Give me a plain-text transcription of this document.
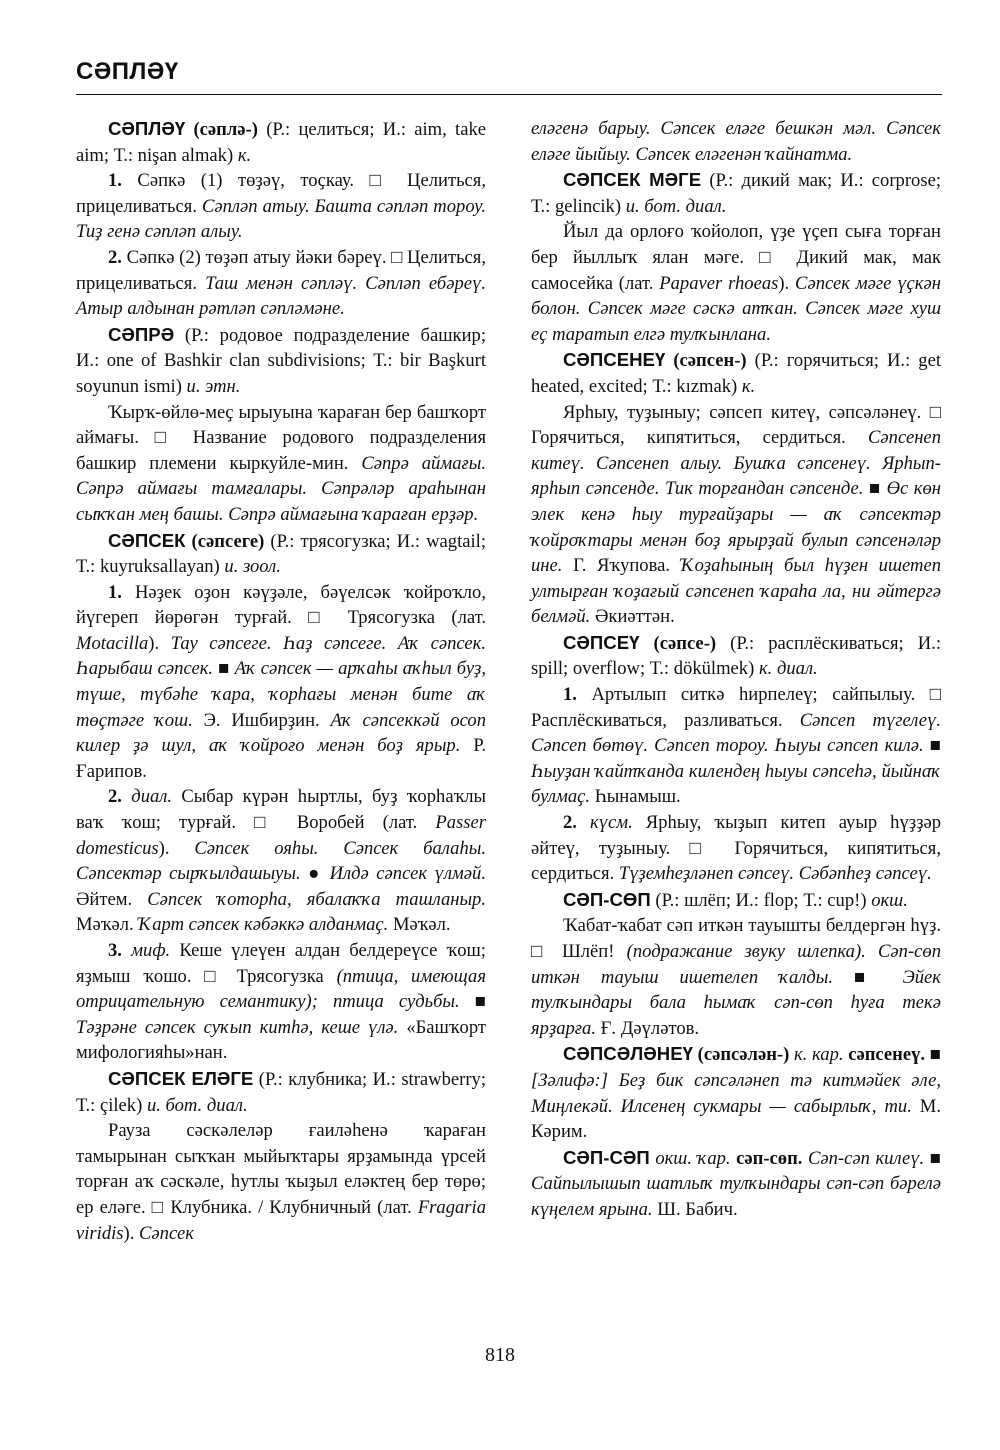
СӘПЛӘҮ

СӘПЛӘҮ (сәплә-) (Р.: целиться; И.: aim, take aim; Т.: nişan almak) к.

1. Сәпкә (1) төҙәү, тоҫкау. □ Целиться, прицеливаться. Сәпләп атыу. Башта сәпләп тороу. Тиҙ генә сәпләп алыу.

2. Сәпкә (2) төҙәп атыу йәки бәреү. □ Целиться, прицеливаться. Таш менән сәпләү. Сәпләп ебәреү. Атыр алдынан рәтләп сәпләмәне.

СӘПРӘ (Р.: родовое подразделение башкир; И.: one of Bashkir clan subdivisions; Т.: bir Başkurt soyunun ismi) и. этн.

Ҡырҡ-өйлө-меҫ ырыуына ҡараған бер башҡорт аймағы. □ Название родового подразделения башкир племени кыркуйле-мин. Сәпрә аймағы. Сәпрә аймағы тамғалары. Сәпрәләр араһынан сыҡҡан мең башы. Сәпрә аймағына ҡараған ерҙәр.

СӘПСЕК (сәпсеге) (Р.: трясогузка; И.: wagtail; Т.: kuyruksallayan) и. зоол.

1. Нәҙек оҙон кәүҙәле, бәүелсәк ҡойроҡло, йүгереп йөрөгән турғай. □ Трясогузка (лат. Motacilla). Тау сәпсеге. Һаҙ сәпсеге. Аҡ сәпсек. Һарыбаш сәпсек. ■ Аҡ сәпсек — арҡаһы аҡһыл буҙ, түше, түбәһе ҡара, ҡорһағы менән бите аҡ төҫтәге ҡош. Э. Ишбирҙин. Аҡ сәпсеккәй осоп килер ҙә шул, аҡ ҡойроғо менән боҙ ярыр. Р. Ғарипов.

2. диал. Сыбар күрән һыртлы, буҙ ҡорһаҡлы ваҡ ҡош; турғай. □ Воробей (лат. Passer domesticus). Сәпсек ояһы. Сәпсек балаһы. Сәпсектәр сырҡылдашыуы. ● Илдә сәпсек үлмәй. Әйтем. Сәпсек ҡоторһа, ябалаҡҡа ташланыр. Мәҡәл. Ҡарт сәпсек кәбәккә алданмаҫ. Мәҡәл.

3. миф. Кеше үлеүен алдан белдереүсе ҡош; яҙмыш ҡошо. □ Трясогузка (птица, имеющая отрицательную семантику); птица судьбы. ■ Тәҙрәне сәпсек суҡып китһә, кеше үлә. «Башҡорт мифологияһы»нан.

СӘПСЕК ЕЛӘГЕ (Р.: клубника; И.: strawberry; Т.: çilek) и. бот. диал.

Рауза сәскәлеләр ғаиләһенә ҡараған тамырынан сыҡҡан мыйыҡтары ярҙамында үрсей торған аҡ сәскәле, һутлы ҡыҙыл еләктең бер төрө; ер еләге. □ Клубника. / Клубничный (лат. Fragaria viridis). Сәпсек

еләгенә барыу. Сәпсек еләге бешкән мәл. Сәпсек еләге йыйыу. Сәпсек еләгенән ҡайнатма.

СӘПСЕК МӘГЕ (Р.: дикий мак; И.: corprose; Т.: gelincik) и. бот. диал.

Йыл да орлоғо ҡойолоп, үҙе үҫеп сыға торған бер йыллыҡ ялан мәге. □ Дикий мак, мак самосейка (лат. Papaver rhoeas). Сәпсек мәге үҫкән болон. Сәпсек мәге сәскә атҡан. Сәпсек мәге хуш еҫ таратып елгә тулҡынлана.

СӘПСЕНЕҮ (сәпсен-) (Р.: горячиться; И.: get heated, excited; Т.: kızmak) к.

Ярһыу, туҙыныу; сәпсеп китеү, сәпсәләнеү. □ Горячиться, кипятиться, сердиться. Сәпсенеп китеү. Сәпсенеп алыу. Бушҡа сәпсенеү. Ярһып-ярһып сәпсенде. Тик торғандан сәпсенде. ■ Өс көн элек кенә һыу турғайҙары — аҡ сәпсектәр ҡойроҡтары менән боҙ ярырҙай булып сәпсенәләр ине. Г. Яҡупова. Ҡоҙаһының был һүҙен ишетеп ултырған ҡоҙағый сәпсенеп ҡараһа ла, ни әйтергә белмәй. Әкиәттән.

СӘПСЕҮ (сәпсе-) (Р.: расплёскиваться; И.: spill; overflow; Т.: dökülmek) к. диал.

1. Артылып ситкә һирпелеү; сайпылыу. □ Расплёскиваться, разливаться. Сәпсеп түгелеү. Сәпсеп бөтөү. Сәпсеп тороу. Һыуы сәпсеп килә. ■ Һыуҙан ҡайтҡанда килендең һыуы сәпсеһә, йыйнаҡ булмаҫ. Һынамыш.

2. күсм. Ярһыу, ҡыҙып китеп ауыр һүҙҙәр әйтеү, туҙыныу. □ Горячиться, кипятиться, сердиться. Түҙемһеҙләнеп сәпсеү. Сәбәпһеҙ сәпсеү.

СӘП-СӨП (Р.: шлёп; И.: flop; Т.: cup!) окш.

Ҡабат-ҡабат сәп иткән тауышты белдергән һүҙ. □ Шлёп! (подражание звуку шлепка). Сәп-сөп иткән тауыш ишетелеп ҡалды. ■ Эйек тулҡындары бала һымаҡ сәп-сөп һуға текә ярҙарға. Ғ. Дәүләтов.

СӘПСӘЛӘНЕҮ (сәпсәлән-) к. кар. сәпсенеү. ■ [Зәлифә:] Беҙ бик сәпсәләнеп тә китмәйек әле, Миңлекәй. Илсенең сукмары — сабырлыҡ, ти. М. Кәрим.

СӘП-СӘП окш. ҡар. сәп-сөп. Сәп-сәп килеү. ■ Сайпылышып шатлыҡ тулҡындары сәп-сәп бәрелә күңелем ярына. Ш. Бабич.

818
